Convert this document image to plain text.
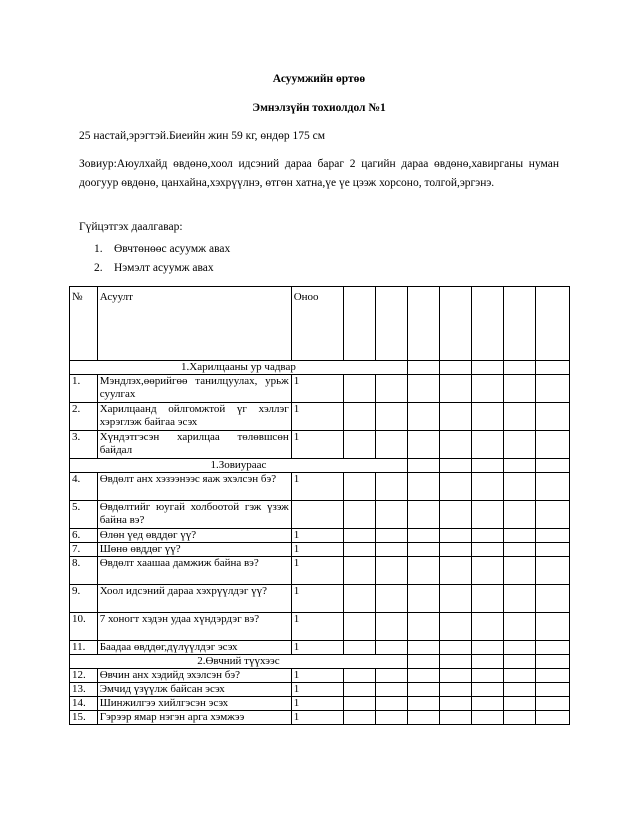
Асуумжийн өртөө
Эмнэлзүйн тохиолдол №1
25 настай,эрэгтэй.Биеийн жин 59 кг, өндөр 175 см
Зовиур:Аюулхайд өвдөнө,хоол идсэний дараа бараг 2 цагийн дараа өвдөнө,хавирганы нуман доогуур өвдөнө, цанхайна,хэхрүүлнэ, өтгөн хатна,үе үе цээж хорсоно, толгой,эргэнэ.
Гүйцэтгэх даалгавар:
1. Өвчтөнөөс асуумж авах
2. Нэмэлт асуумж авах
№	Асуулт	Оноо							
1.Харилцааны ур чадвар									
1.	Мэндлэх,өөрийгөө танилцуулах, урьж суулгах	1							
2.	Харилцаанд ойлгомжтой үг хэллэг хэрэглэж байгаа эсэх	1							
3.	Хүндэтгэсэн харилцаа төлөвшсөн байдал	1							
1.Зовиураас									
4.	Өвдөлт анх хэзээнээс яаж эхэлсэн бэ?	1							
5.	Өвдөлтийг юугай холбоотой гэж үзэж байна вэ?								
6.	Өлөн үед өвддөг үү?	1							
7.	Шөнө өвддөг үү?	1							
8.	Өвдөлт хаашаа дамжиж байна вэ?	1							
9.	Хоол идсэний дараа хэхрүүлдэг үү?	1							
10.	7 хоногт хэдэн удаа хүндэрдэг вэ?	1							
11.	Баадаа өвддөг,дүлүүлдэг эсэх	1							
2.Өвчний түүхээс									
12.	Өвчин анх хэдийд эхэлсэн бэ?	1							
13.	Эмчид үзүүлж байсан эсэх	1							
14.	Шинжилгээ хийлгэсэн эсэх	1							
15.	Гэрээр ямар нэгэн арга хэмжээ	1							
